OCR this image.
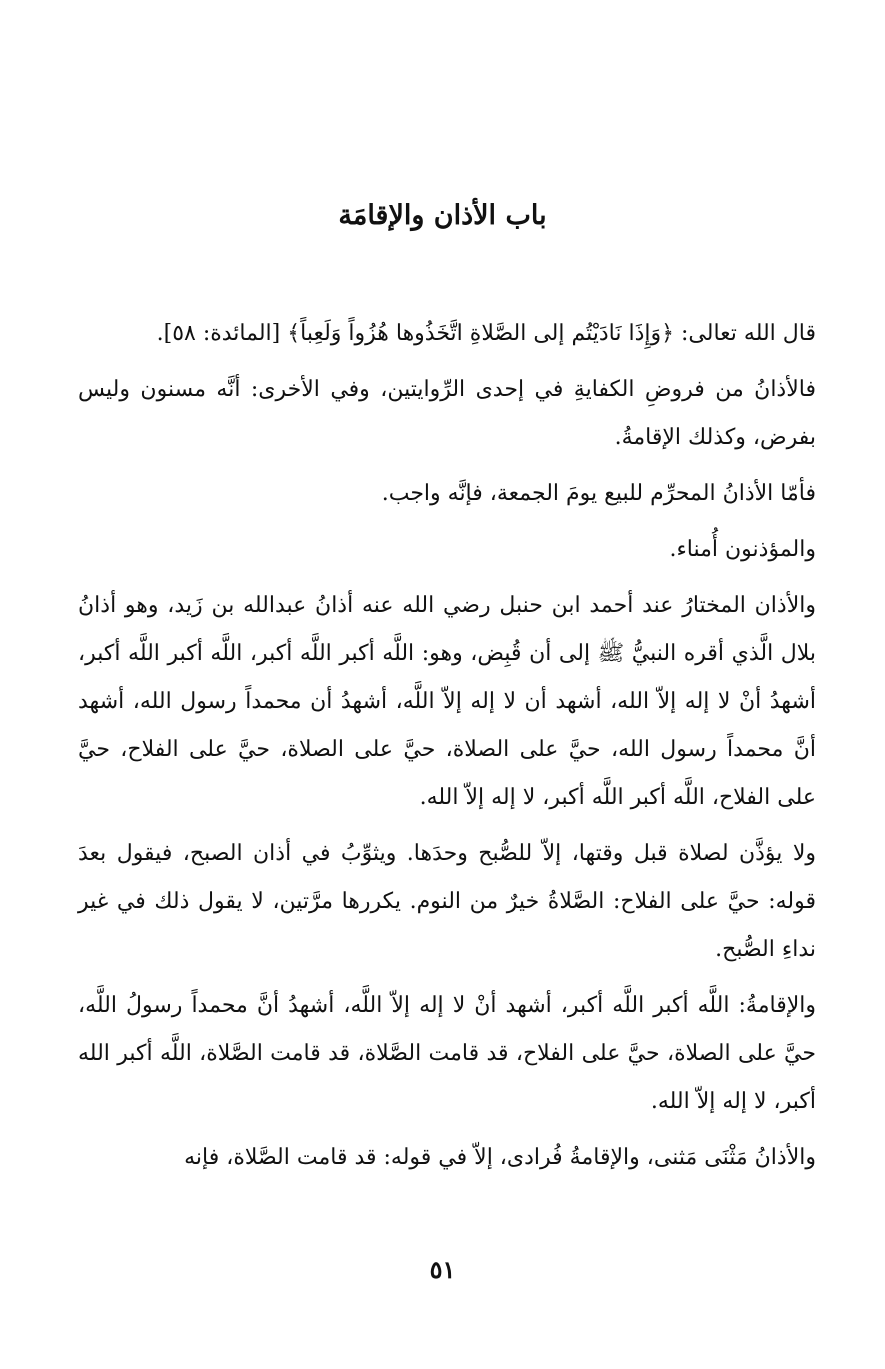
باب الأذان والإقامَة

قال الله تعالى: ﴿وَإِذَا نَادَيْتُم إلى الصَّلاةِ اتَّخَذُوها هُزُواً وَلَعِباً﴾ [المائدة: ٥٨].

فالأذانُ من فروضِ الكفايةِ في إحدى الرِّوايتين، وفي الأخرى: أنَّه مسنون وليس بفرض، وكذلك الإقامةُ.

فأمّا الأذانُ المحرِّم للبيع يومَ الجمعة، فإنَّه واجب.

والمؤذنون أُمناء.

والأذان المختارُ عند أحمد ابن حنبل رضي الله عنه أذانُ عبدالله بن زَيد، وهو أذانُ بلال الَّذي أقره النبيُّ ﷺ إلى أن قُبِض، وهو: اللَّه أكبر اللَّه أكبر، اللَّه أكبر اللَّه أكبر، أشهدُ أنْ لا إله إلاّ الله، أشهد أن لا إله إلاّ اللَّه، أشهدُ أن محمداً رسول الله، أشهد أنَّ محمداً رسول الله، حيَّ على الصلاة، حيَّ على الصلاة، حيَّ على الفلاح، حيَّ على الفلاح، اللَّه أكبر اللَّه أكبر، لا إله إلاّ الله.

ولا يؤذَّن لصلاة قبل وقتها، إلاّ للصُّبح وحدَها. ويثوِّبُ في أذان الصبح، فيقول بعدَ قوله: حيَّ على الفلاح: الصَّلاةُ خيرٌ من النوم. يكررها مرَّتين، لا يقول ذلك في غير نداءِ الصُّبح.

والإقامةُ: اللَّه أكبر اللَّه أكبر، أشهد أنْ لا إله إلاّ اللَّه، أشهدُ أنَّ محمداً رسولُ اللَّه، حيَّ على الصلاة، حيَّ على الفلاح، قد قامت الصَّلاة، قد قامت الصَّلاة، اللَّه أكبر الله أكبر، لا إله إلاّ الله.

والأذانُ مَثْنَى مَثنى، والإقامةُ فُرادى، إلاّ في قوله: قد قامت الصَّلاة، فإنه

٥١
